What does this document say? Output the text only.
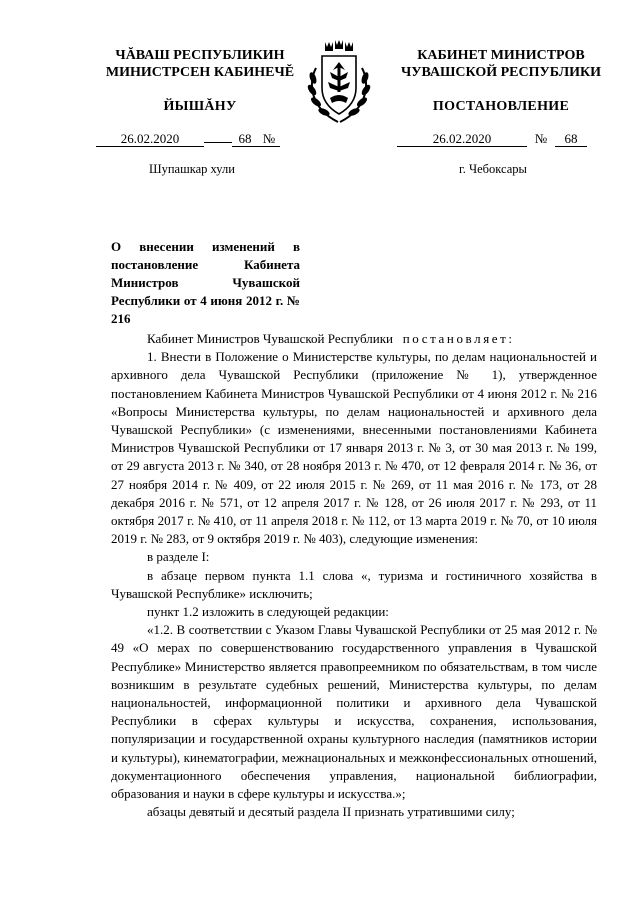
ЧĂВАШ РЕСПУБЛИКИН
МИНИСТРСЕН КАБИНЕЧĔ
КАБИНЕТ МИНИСТРОВ
ЧУВАШСКОЙ РЕСПУБЛИКИ
ЙЫШĂНУ	ПОСТАНОВЛЕНИЕ
26.02.2020	68 №	26.02.2020	№ 68
Шупашкар хули	г. Чебоксары
О внесении изменений в постановление Кабинета Министров Чувашской Республики от 4 июня 2012 г. № 216

Кабинет Министров Чувашской Республики постановляет:

1. Внести в Положение о Министерстве культуры, по делам национальностей и архивного дела Чувашской Республики (приложение № 1), утвержденное постановлением Кабинета Министров Чувашской Республики от 4 июня 2012 г. № 216 «Вопросы Министерства культуры, по делам национальностей и архивного дела Чувашской Республики» (с изменениями, внесенными постановлениями Кабинета Министров Чувашской Республики от 17 января 2013 г. № 3, от 30 мая 2013 г. № 199, от 29 августа 2013 г. № 340, от 28 ноября 2013 г. № 470, от 12 февраля 2014 г. № 36, от 27 ноября 2014 г. № 409, от 22 июля 2015 г. № 269, от 11 мая 2016 г. № 173, от 28 декабря 2016 г. № 571, от 12 апреля 2017 г. № 128, от 26 июля 2017 г. № 293, от 11 октября 2017 г. № 410, от 11 апреля 2018 г. № 112, от 13 марта 2019 г. № 70, от 10 июля 2019 г. № 283, от 9 октября 2019 г. № 403), следующие изменения:

в разделе I:

в абзаце первом пункта 1.1 слова «, туризма и гостиничного хозяйства в Чувашской Республике» исключить;

пункт 1.2 изложить в следующей редакции:

«1.2. В соответствии с Указом Главы Чувашской Республики от 25 мая 2012 г. № 49 «О мерах по совершенствованию государственного управления в Чувашской Республике» Министерство является правопреемником по обязательствам, в том числе возникшим в результате судебных решений, Министерства культуры, по делам национальностей, информационной политики и архивного дела Чувашской Республики в сферах культуры и искусства, сохранения, использования, популяризации и государственной охраны культурного наследия (памятников истории и культуры), кинематографии, межнациональных и межконфессиональных отношений, документационного обеспечения управления, национальной библиографии, образования и науки в сфере культуры и искусства.»;

абзацы девятый и десятый раздела II признать утратившими силу;
